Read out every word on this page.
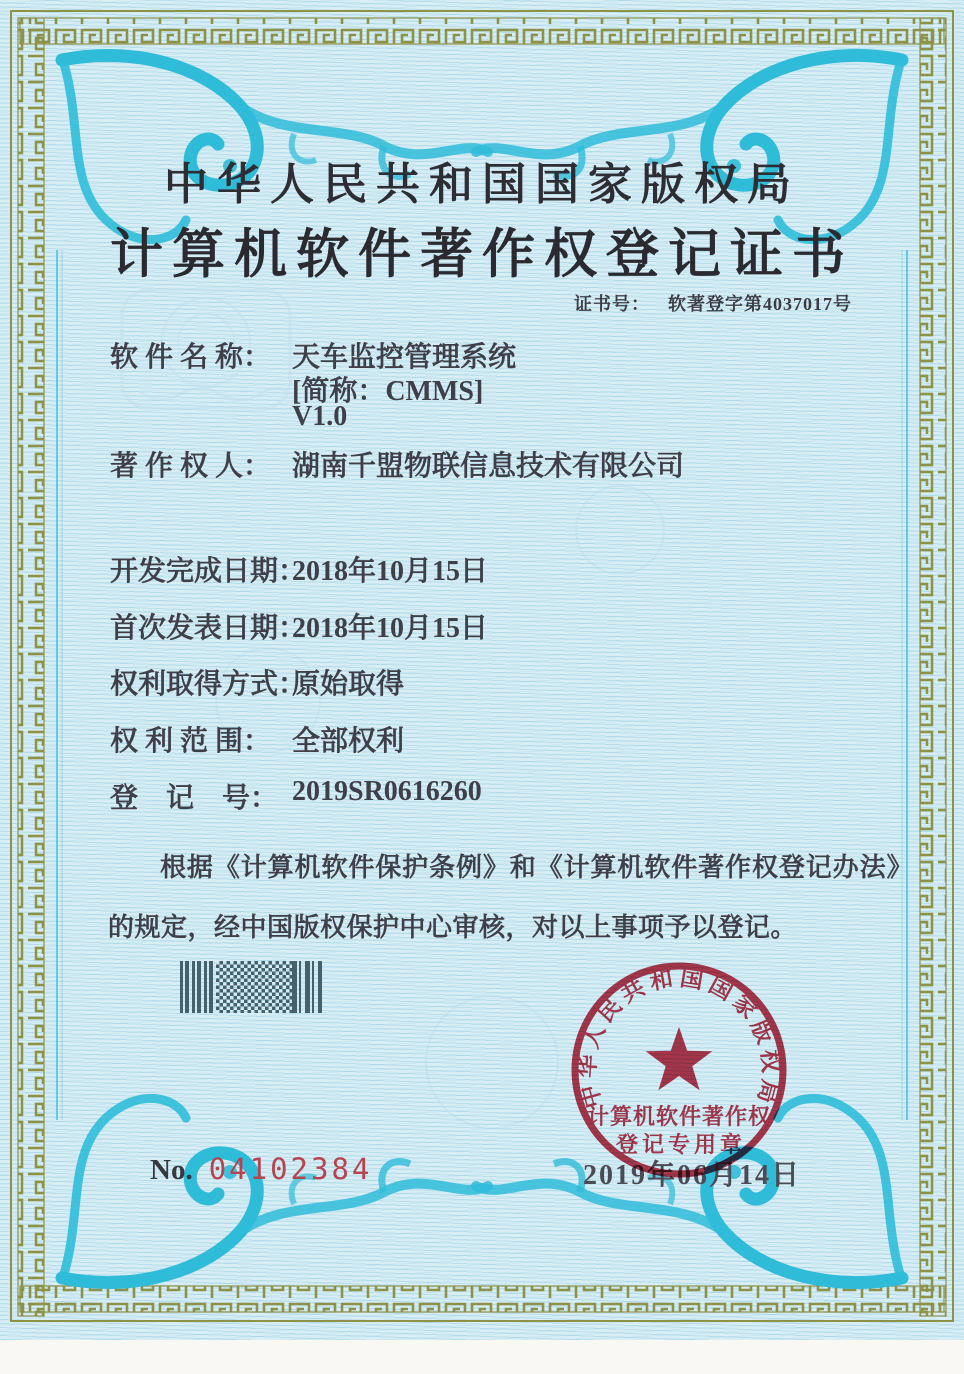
中华人民共和国国家版权局
计算机软件著作权登记证书
证书号： 软著登字第4037017号
软 件 名 称： 天车监控管理系统
[简称：CMMS]
V1.0
著 作 权 人： 湖南千盟物联信息技术有限公司
开发完成日期：
2018年10月15日
首次发表日期：
2018年10月15日
权利取得方式：
原始取得
权 利 范 围： 全部权利
登　记　号： 2019SR0616260
根据《计算机软件保护条例》和《计算机软件著作权登记办法》的规定，经中国版权保护中心审核，对以上事项予以登记。
2019年06月14日
中华人民共和国国家版权局
计算机软件著作权
登记专用章
No. 04102384
